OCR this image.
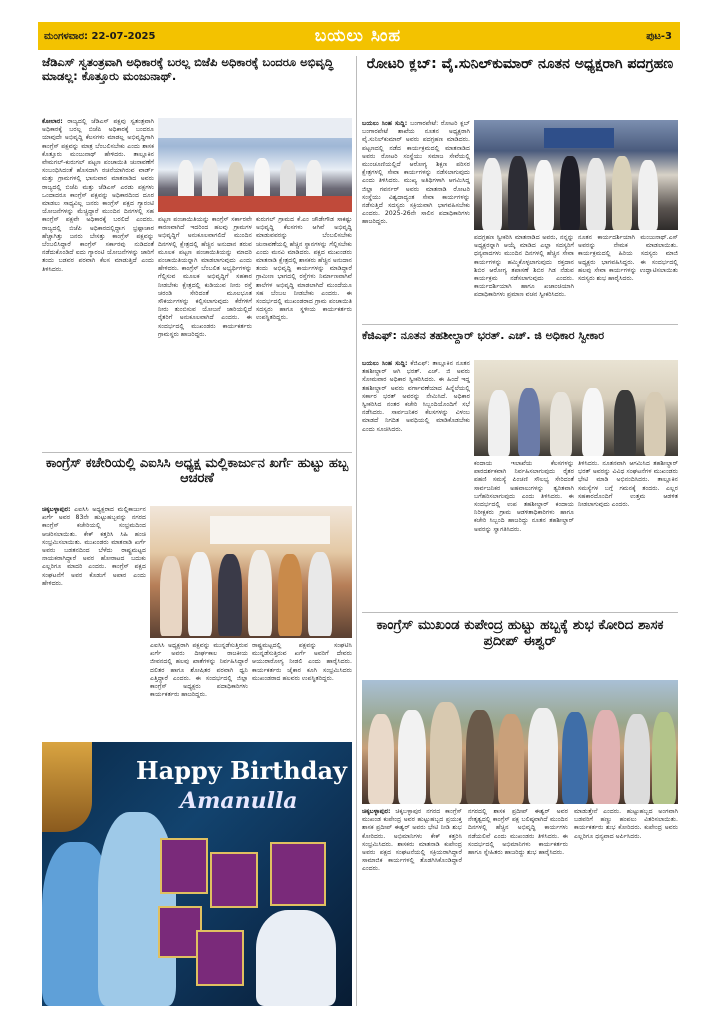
ಮಂಗಳವಾರ: 22-07-2025	ಬಯಲು ಸಿಂಹ	ಪುಟ-3
ಜೆಡಿಎಸ್ ಸ್ವತಂತ್ರವಾಗಿ ಅಧಿಕಾರಕ್ಕೆ ಬರಲ್ಲ ಬಿಜೆಪಿ ಅಧಿಕಾರಕ್ಕೆ ಬಂದರೂ ಅಭಿವೃದ್ಧಿ ಮಾಡಲ್ಲ: ಕೊತ್ತೂರು ಮಂಜುನಾಥ್.
ಕೋಲಾರ: ರಾಜ್ಯದಲ್ಲಿ ಜೆಡಿಎಸ್ ಪಕ್ಷವು ಸ್ವತಂತ್ರವಾಗಿ ಅಧಿಕಾರಕ್ಕೆ ಬರಲ್ಲ ಬಿಜೆಪಿ ಅಧಿಕಾರಕ್ಕೆ ಬಂದರೂ ಯಾವುದೇ ಅಭಿವೃದ್ಧಿ ಕೆಲಸಗಳು ಮಾಡಲ್ಲ ಅಭಿವೃದ್ಧಿಗಾಗಿ ಕಾಂಗ್ರೆಸ್ ಪಕ್ಷವನ್ನು ಮಾತ್ರ ಬೆಂಬಲಿಸಬೇಕು ಎಂದು ಶಾಸಕ ಕೊತ್ತೂರು ಮಂಜುನಾಥ್ ಹೇಳಿದರು. ತಾಲ್ಲೂಕಿನ ವೇಮಗಲ್-ಕುರುಗಲ್ ಪಟ್ಟಣ ಪಂಚಾಯಿತಿ ಚುನಾವಣೆಗೆ ಸಂಬಂಧಿಸಿದಂತೆ ಹೊಸದಾಗಿ ರಚನೆಯಾಗಿರುವ ವಾರ್ಡ್ ಮತ್ತು ಗ್ರಾಮಗಳಲ್ಲಿ ಭಾನುವಾರ ಮಾತನಾಡಿದ ಅವರು ರಾಜ್ಯದಲ್ಲಿ ಬಿಜೆಪಿ ಮತ್ತು ಜೆಡಿಎಸ್ ಎರಡು ಪಕ್ಷಗಳು ಒಂದಾದರೂ ಕಾಂಗ್ರೆಸ್ ಪಕ್ಷವನ್ನು ಅಧಿಕಾರದಿಂದ ದೂರ ಮಾಡಲು ಸಾಧ್ಯವಿಲ್ಲ ಜನರು ಕಾಂಗ್ರೆಸ್ ಪಕ್ಷದ ಗ್ಯಾರಂಟಿ ಯೋಜನೆಗಳನ್ನು ಮೆಚ್ಚಿದ್ದಾರೆ ಮುಂದಿನ ದಿನಗಳಲ್ಲಿ ಸಹ ಕಾಂಗ್ರೆಸ್ ಪಕ್ಷವೇ ಅಧಿಕಾರಕ್ಕೆ ಬರಲಿದೆ ಎಂದರು. ರಾಜ್ಯದಲ್ಲಿ ಬಿಜೆಪಿ ಅಧಿಕಾರದಲ್ಲಿದ್ದಾಗ ಭ್ರಷ್ಟಾಚಾರ ಹೆಚ್ಚಾಗಿತ್ತು ಜನರು ಬೇಸತ್ತು ಕಾಂಗ್ರೆಸ್ ಪಕ್ಷವನ್ನು ಬೆಂಬಲಿಸಿದ್ದಾರೆ ಕಾಂಗ್ರೆಸ್ ಸರ್ಕಾರವು ನುಡಿದಂತೆ ನಡೆದುಕೊಂಡಿದೆ ಐದು ಗ್ಯಾರಂಟಿ ಯೋಜನೆಗಳನ್ನು ಜಾರಿಗೆ ತಂದು ಬಡವರ ಪರವಾಗಿ ಕೆಲಸ ಮಾಡುತ್ತಿದೆ ಎಂದು ತಿಳಿಸಿದರು.
ಪಟ್ಟಣ ಪಂಚಾಯಿತಿಯನ್ನು ಕಾಂಗ್ರೆಸ್ ಸರ್ಕಾರವೇ ಕಾರಣವಾಗಿದೆ ಇದರಿಂದ ಹಲವು ಗ್ರಾಮಗಳ ಅಭಿವೃದ್ಧಿಗೆ ಅನುಕೂಲವಾಗಲಿದೆ ಮುಂದಿನ ದಿನಗಳಲ್ಲಿ ಕ್ಷೇತ್ರದಲ್ಲಿ ಹೆಚ್ಚಿನ ಅನುದಾನ ತರುವ ಮೂಲಕ ಪಟ್ಟಣ ಪಂಚಾಯಿತಿಯನ್ನು ಮಾದರಿ ಪಂಚಾಯಿತಿಯನ್ನಾಗಿ ಮಾಡಲಾಗುವುದು ಎಂದು ಹೇಳಿದರು. ಕಾಂಗ್ರೆಸ್ ಬೆಂಬಲಿತ ಅಭ್ಯರ್ಥಿಗಳನ್ನು ಗೆಲ್ಲಿಸುವ ಮೂಲಕ ಅಭಿವೃದ್ಧಿಗೆ ಸಹಕಾರ ನೀಡಬೇಕು ಕ್ಷೇತ್ರದಲ್ಲಿ ಕುಡಿಯುವ ನೀರು ರಸ್ತೆ ಚರಂಡಿ ಸೇರಿದಂತೆ ಮೂಲಭೂತ ಸೌಕರ್ಯಗಳನ್ನು ಕಲ್ಪಿಸಲಾಗುವುದು ಕೆರೆಗಳಿಗೆ ನೀರು ತುಂಬಿಸುವ ಯೋಜನೆ ಜಾರಿಯಲ್ಲಿದೆ ರೈತರಿಗೆ ಅನುಕೂಲವಾಗಿದೆ ಎಂದರು. ಈ ಸಂದರ್ಭದಲ್ಲಿ ಮುಖಂಡರು ಕಾರ್ಯಕರ್ತರು ಗ್ರಾಮಸ್ಥರು ಹಾಜರಿದ್ದರು.
ಕುರುಗಲ್ ಗ್ರಾಮದ ಕೆ.ಎಂ ಚೌಡೇಗೌಡ ಸಾಕಷ್ಟು ಅಭಿವೃದ್ಧಿ ಕೆಲಸಗಳು ಆಗಿವೆ ಅಭಿವೃದ್ಧಿ ಮಾಡುವವರನ್ನು ಬೆಂಬಲಿಸಬೇಕು ಚುನಾವಣೆಯಲ್ಲಿ ಹೆಚ್ಚಿನ ಸ್ಥಾನಗಳನ್ನು ಗೆಲ್ಲಿಸಬೇಕು ಎಂದು ಮನವಿ ಮಾಡಿದರು. ಪಕ್ಷದ ಮುಖಂಡರು ಮಾತನಾಡಿ ಕ್ಷೇತ್ರದಲ್ಲಿ ಶಾಸಕರು ಹೆಚ್ಚಿನ ಅನುದಾನ ತಂದು ಅಭಿವೃದ್ಧಿ ಕಾರ್ಯಗಳನ್ನು ಮಾಡಿದ್ದಾರೆ ಗ್ರಾಮೀಣ ಭಾಗದಲ್ಲಿ ರಸ್ತೆಗಳು ನಿರ್ಮಾಣವಾಗಿವೆ ಶಾಲೆಗಳ ಅಭಿವೃದ್ಧಿ ಮಾಡಲಾಗಿದೆ ಮುಂದೆಯೂ ಸಹ ಬೆಂಬಲ ನೀಡಬೇಕು ಎಂದರು. ಈ ಸಂದರ್ಭದಲ್ಲಿ ಮುಖಂಡರಾದ ಗ್ರಾಮ ಪಂಚಾಯಿತಿ ಸದಸ್ಯರು ಹಾಗೂ ಸ್ಥಳೀಯ ಕಾರ್ಯಕರ್ತರು ಉಪಸ್ಥಿತರಿದ್ದರು.
ಕಾಂಗ್ರೆಸ್ ಕಚೇರಿಯಲ್ಲಿ ಎಐಸಿಸಿ ಅಧ್ಯಕ್ಷ ಮಲ್ಲಿಕಾರ್ಜುನ ಖರ್ಗೆ ಹುಟ್ಟು ಹಬ್ಬ ಆಚರಣೆ
ಚಿಕ್ಕಬಳ್ಳಾಪುರ: ಎಐಸಿಸಿ ಅಧ್ಯಕ್ಷರಾದ ಮಲ್ಲಿಕಾರ್ಜುನ ಖರ್ಗೆ ಅವರ 83ನೇ ಹುಟ್ಟುಹಬ್ಬವನ್ನು ನಗರದ ಕಾಂಗ್ರೆಸ್ ಕಚೇರಿಯಲ್ಲಿ ಸಂಭ್ರಮದಿಂದ ಆಚರಿಸಲಾಯಿತು. ಕೇಕ್ ಕತ್ತರಿಸಿ ಸಿಹಿ ಹಂಚಿ ಸಂಭ್ರಮಿಸಲಾಯಿತು. ಮುಖಂಡರು ಮಾತನಾಡಿ ಖರ್ಗೆ ಅವರು ಬಡತನದಿಂದ ಬೆಳೆದು ರಾಷ್ಟ್ರಮಟ್ಟದ ನಾಯಕರಾಗಿದ್ದಾರೆ ಅವರ ಹೋರಾಟದ ಬದುಕು ಎಲ್ಲರಿಗೂ ಮಾದರಿ ಎಂದರು. ಕಾಂಗ್ರೆಸ್ ಪಕ್ಷದ ಸಂಘಟನೆಗೆ ಅವರ ಕೊಡುಗೆ ಅಪಾರ ಎಂದು ಹೇಳಿದರು.
ಎಐಸಿಸಿ ಅಧ್ಯಕ್ಷರಾಗಿ ಪಕ್ಷವನ್ನು ಮುನ್ನಡೆಸುತ್ತಿರುವ ಖರ್ಗೆ ಅವರು ದೀರ್ಘಕಾಲ ರಾಜಕೀಯ ಜೀವನದಲ್ಲಿ ಹಲವು ಖಾತೆಗಳನ್ನು ನಿರ್ವಹಿಸಿದ್ದಾರೆ ದಲಿತರ ಹಾಗೂ ಶೋಷಿತರ ಪರವಾಗಿ ಧ್ವನಿ ಎತ್ತಿದ್ದಾರೆ ಎಂದರು. ಈ ಸಂದರ್ಭದಲ್ಲಿ ಜಿಲ್ಲಾ ಕಾಂಗ್ರೆಸ್ ಅಧ್ಯಕ್ಷರು ಪದಾಧಿಕಾರಿಗಳು ಕಾರ್ಯಕರ್ತರು ಹಾಜರಿದ್ದರು.
ರಾಷ್ಟ್ರಮಟ್ಟದಲ್ಲಿ ಪಕ್ಷವನ್ನು ಸಂಘಟಿಸಿ ಮುನ್ನಡೆಸುತ್ತಿರುವ ಖರ್ಗೆ ಅವರಿಗೆ ದೇವರು ಆಯುರಾರೋಗ್ಯ ನೀಡಲಿ ಎಂದು ಹಾರೈಸಿದರು. ಕಾರ್ಯಕರ್ತರು ಜೈಕಾರ ಕೂಗಿ ಸಂಭ್ರಮಿಸಿದರು ಮುಖಂಡರಾದ ಹಲವರು ಉಪಸ್ಥಿತರಿದ್ದರು.
Happy Birthday
Amanulla
ರೋಟರಿ ಕ್ಲಬ್: ವೈ.ಸುನಿಲ್‌ಕುಮಾರ್ ನೂತನ ಅಧ್ಯಕ್ಷರಾಗಿ ಪದಗ್ರಹಣ
ಬಯಲು ಸಿಂಹ ಸುದ್ದಿ: ಬಂಗಾರಪೇಟೆ: ರೋಟರಿ ಕ್ಲಬ್ ಬಂಗಾರಪೇಟೆ ಶಾಖೆಯ ನೂತನ ಅಧ್ಯಕ್ಷರಾಗಿ ವೈ.ಸುನಿಲ್‌ಕುಮಾರ್ ಅವರು ಪದಗ್ರಹಣ ಮಾಡಿದರು. ಪಟ್ಟಣದಲ್ಲಿ ನಡೆದ ಕಾರ್ಯಕ್ರಮದಲ್ಲಿ ಮಾತನಾಡಿದ ಅವರು ರೋಟರಿ ಸಂಸ್ಥೆಯು ಸಮಾಜ ಸೇವೆಯಲ್ಲಿ ಮುಂಚೂಣಿಯಲ್ಲಿದೆ ಆರೋಗ್ಯ ಶಿಕ್ಷಣ ಪರಿಸರ ಕ್ಷೇತ್ರಗಳಲ್ಲಿ ಸೇವಾ ಕಾರ್ಯಗಳನ್ನು ನಡೆಸಲಾಗುವುದು ಎಂದು ತಿಳಿಸಿದರು. ಮುಖ್ಯ ಅತಿಥಿಗಳಾಗಿ ಆಗಮಿಸಿದ್ದ ಜಿಲ್ಲಾ ಗವರ್ನರ್ ಅವರು ಮಾತನಾಡಿ ರೋಟರಿ ಸಂಸ್ಥೆಯು ವಿಶ್ವದಾದ್ಯಂತ ಸೇವಾ ಕಾರ್ಯಗಳನ್ನು ನಡೆಸುತ್ತಿದೆ ಸದಸ್ಯರು ಸಕ್ರಿಯವಾಗಿ ಭಾಗವಹಿಸಬೇಕು ಎಂದರು. 2025-26ನೇ ಸಾಲಿನ ಪದಾಧಿಕಾರಿಗಳು ಹಾಜರಿದ್ದರು.
ಪದಗ್ರಹಣ ಸ್ವೀಕರಿಸಿ ಮಾತನಾಡಿದ ಅವರು, ನನ್ನನ್ನು ಅಧ್ಯಕ್ಷರನ್ನಾಗಿ ಆಯ್ಕೆ ಮಾಡಿದ ಎಲ್ಲಾ ಸದಸ್ಯರಿಗೆ ಧನ್ಯವಾದಗಳು ಮುಂದಿನ ದಿನಗಳಲ್ಲಿ ಹೆಚ್ಚಿನ ಸೇವಾ ಕಾರ್ಯಗಳನ್ನು ಹಮ್ಮಿಕೊಳ್ಳಲಾಗುವುದು ರಕ್ತದಾನ ಶಿಬಿರ ಆರೋಗ್ಯ ತಪಾಸಣೆ ಶಿಬಿರ ಗಿಡ ನೆಡುವ ಕಾರ್ಯಕ್ರಮ ನಡೆಸಲಾಗುವುದು ಎಂದರು. ಕಾರ್ಯದರ್ಶಿಯಾಗಿ ಹಾಗೂ ಖಜಾಂಚಿಯಾಗಿ ಪದಾಧಿಕಾರಿಗಳು ಪ್ರಮಾಣ ವಚನ ಸ್ವೀಕರಿಸಿದರು.
ನೂತನ ಕಾರ್ಯದರ್ಶಿಯಾಗಿ ಮಂಜುನಾಥ್.ಎಸ್ ಅವರನ್ನು ನೇಮಕ ಮಾಡಲಾಯಿತು. ಕಾರ್ಯಕ್ರಮದಲ್ಲಿ ಹಿರಿಯ ಸದಸ್ಯರು ಮಾಜಿ ಅಧ್ಯಕ್ಷರು ಭಾಗವಹಿಸಿದ್ದರು. ಈ ಸಂದರ್ಭದಲ್ಲಿ ಹಲವು ಸೇವಾ ಕಾರ್ಯಗಳನ್ನು ಉದ್ಘಾಟಿಸಲಾಯಿತು ಸದಸ್ಯರು ಶುಭ ಹಾರೈಸಿದರು.
ಕೆಜಿಎಫ್: ನೂತನ ತಹಶೀಲ್ದಾರ್ ಭರತ್. ಎಚ್. ಜಿ ಅಧಿಕಾರ ಸ್ವೀಕಾರ
ಬಯಲು ಸಿಂಹ ಸುದ್ದಿ: ಕೆಜಿಎಫ್: ತಾಲ್ಲೂಕಿನ ನೂತನ ತಹಶೀಲ್ದಾರ್ ಆಗಿ ಭರತ್. ಎಚ್. ಜಿ ಅವರು ಸೋಮವಾರ ಅಧಿಕಾರ ಸ್ವೀಕರಿಸಿದರು. ಈ ಹಿಂದೆ ಇದ್ದ ತಹಶೀಲ್ದಾರ್ ಅವರು ವರ್ಗಾವಣೆಯಾದ ಹಿನ್ನೆಲೆಯಲ್ಲಿ ಸರ್ಕಾರ ಭರತ್ ಅವರನ್ನು ನೇಮಿಸಿದೆ. ಅಧಿಕಾರ ಸ್ವೀಕರಿಸಿದ ನಂತರ ಕಚೇರಿ ಸಿಬ್ಬಂದಿಯೊಂದಿಗೆ ಸಭೆ ನಡೆಸಿದರು. ಸಾರ್ವಜನಿಕರ ಕೆಲಸಗಳನ್ನು ವಿಳಂಬ ಮಾಡದೆ ನಿಗದಿತ ಅವಧಿಯಲ್ಲಿ ಮಾಡಿಕೊಡಬೇಕು ಎಂದು ಸೂಚಿಸಿದರು.
ಕಂದಾಯ ಇಲಾಖೆಯ ಕೆಲಸಗಳನ್ನು ಪಾರದರ್ಶಕವಾಗಿ ನಿರ್ವಹಿಸಲಾಗುವುದು ರೈತರ ಪಹಣಿ ಸಮಸ್ಯೆ ಪಿಂಚಣಿ ಸೌಲಭ್ಯ ಸೇರಿದಂತೆ ಸಾರ್ವಜನಿಕರ ಅಹವಾಲುಗಳನ್ನು ತ್ವರಿತವಾಗಿ ಬಗೆಹರಿಸಲಾಗುವುದು ಎಂದು ತಿಳಿಸಿದರು. ಈ ಸಂದರ್ಭದಲ್ಲಿ ಉಪ ತಹಶೀಲ್ದಾರ್ ಕಂದಾಯ ನಿರೀಕ್ಷಕರು ಗ್ರಾಮ ಆಡಳಿತಾಧಿಕಾರಿಗಳು ಹಾಗೂ ಕಚೇರಿ ಸಿಬ್ಬಂದಿ ಹಾಜರಿದ್ದು ನೂತನ ತಹಶೀಲ್ದಾರ್ ಅವರನ್ನು ಸ್ವಾಗತಿಸಿದರು.
ತಿಳಿಸಿದರು. ನೂತನವಾಗಿ ಆಗಮಿಸಿದ ತಹಶೀಲ್ದಾರ್ ಭರತ್ ಅವರನ್ನು ವಿವಿಧ ಸಂಘಟನೆಗಳ ಮುಖಂಡರು ಭೇಟಿ ಮಾಡಿ ಅಭಿನಂದಿಸಿದರು. ತಾಲ್ಲೂಕಿನ ಸಮಸ್ಯೆಗಳ ಬಗ್ಗೆ ಗಮನಕ್ಕೆ ತಂದರು. ಎಲ್ಲರ ಸಹಕಾರದೊಂದಿಗೆ ಉತ್ತಮ ಆಡಳಿತ ನೀಡಲಾಗುವುದು ಎಂದರು.
ಕಾಂಗ್ರೆಸ್ ಮುಖಂಡ ಕುಪೇಂದ್ರ ಹುಟ್ಟು ಹಬ್ಬಕ್ಕೆ ಶುಭ ಕೋರಿದ ಶಾಸಕ ಪ್ರದೀಪ್ ಈಶ್ವರ್
ಚಿಕ್ಕಬಳ್ಳಾಪುರ: ಚಿಕ್ಕಬಳ್ಳಾಪುರ ನಗರದ ಕಾಂಗ್ರೆಸ್ ಮುಖಂಡ ಕುಪೇಂದ್ರ ಅವರ ಹುಟ್ಟುಹಬ್ಬದ ಪ್ರಯುಕ್ತ ಶಾಸಕ ಪ್ರದೀಪ್ ಈಶ್ವರ್ ಅವರು ಭೇಟಿ ನೀಡಿ ಶುಭ ಕೋರಿದರು. ಅಭಿಮಾನಿಗಳು ಕೇಕ್ ಕತ್ತರಿಸಿ ಸಂಭ್ರಮಿಸಿದರು. ಶಾಸಕರು ಮಾತನಾಡಿ ಕುಪೇಂದ್ರ ಅವರು ಪಕ್ಷದ ಸಂಘಟನೆಯಲ್ಲಿ ಸಕ್ರಿಯರಾಗಿದ್ದಾರೆ ಸಾಮಾಜಿಕ ಕಾರ್ಯಗಳಲ್ಲಿ ತೊಡಗಿಸಿಕೊಂಡಿದ್ದಾರೆ ಎಂದರು.
ನಗರದಲ್ಲಿ ಶಾಸಕ ಪ್ರದೀಪ್ ಈಶ್ವರ್ ಅವರ ನೇತೃತ್ವದಲ್ಲಿ ಕಾಂಗ್ರೆಸ್ ಪಕ್ಷ ಬಲಿಷ್ಠವಾಗಿದೆ ಮುಂದಿನ ದಿನಗಳಲ್ಲಿ ಹೆಚ್ಚಿನ ಅಭಿವೃದ್ಧಿ ಕಾರ್ಯಗಳು ನಡೆಯಲಿವೆ ಎಂದು ಮುಖಂಡರು ತಿಳಿಸಿದರು. ಈ ಸಂದರ್ಭದಲ್ಲಿ ಅಭಿಮಾನಿಗಳು ಕಾರ್ಯಕರ್ತರು ಹಾಗೂ ಸ್ನೇಹಿತರು ಹಾಜರಿದ್ದು ಶುಭ ಹಾರೈಸಿದರು.
ಮಾಡುತ್ತೇನೆ ಎಂದರು. ಹುಟ್ಟುಹಬ್ಬದ ಅಂಗವಾಗಿ ಬಡವರಿಗೆ ಹಣ್ಣು ಹಂಪಲು ವಿತರಿಸಲಾಯಿತು. ಕಾರ್ಯಕರ್ತರು ಶುಭ ಕೋರಿದರು. ಕುಪೇಂದ್ರ ಅವರು ಎಲ್ಲರಿಗೂ ಧನ್ಯವಾದ ಅರ್ಪಿಸಿದರು.
